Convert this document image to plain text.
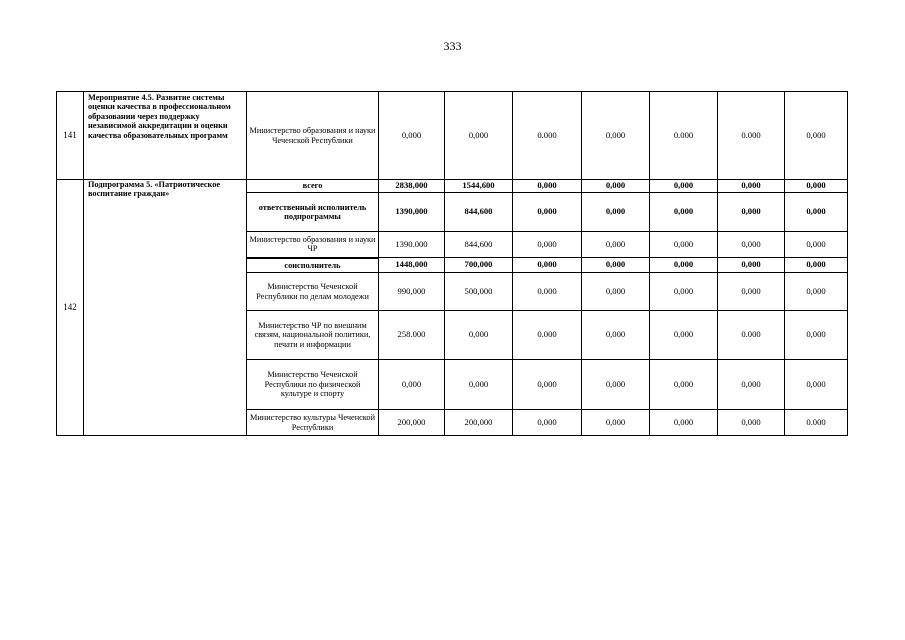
333
141	Мероприятие 4.5. Развитие системы оценки качества в профессиональном образовании через поддержку независимой аккредитации и оценки качества образовательных программ	Министерство образования и науки Чеченской Республики	0,000	0,000	0.000	0,000	0.000	0.000	0,000
142	Подпрограмма 5. «Патриотическое воспитание граждан»	всего	2838,000	1544,600	0,000	0,000	0,000	0,000	0,000
		ответственный исполнитель подпрограммы	1390,000	844,600	0,000	0,000	0,000	0,000	0,000
		Министерство образования и науки ЧР	1390.000	844,600	0,000	0,000	0,000	0,000	0,000
		соисполнитель	1448,000	700,000	0,000	0,000	0,000	0,000	0,000
		Министерство Чеченской Республики по делам молодежи	990,000	500,000	0.000	0,000	0,000	0,000	0,000
		Министерство ЧР по внешним связям, национальной политики, печати и информации	258.000	0,000	0.000	0,000	0,000	0.000	0,000
		Министерство Чеченской Республики по физической культуре и спорту	0,000	0,000	0,000	0,000	0,000	0,000	0,000
		Министерство культуры Чеченской Республики	200,000	200,000	0,000	0,000	0,000	0,000	0.000
